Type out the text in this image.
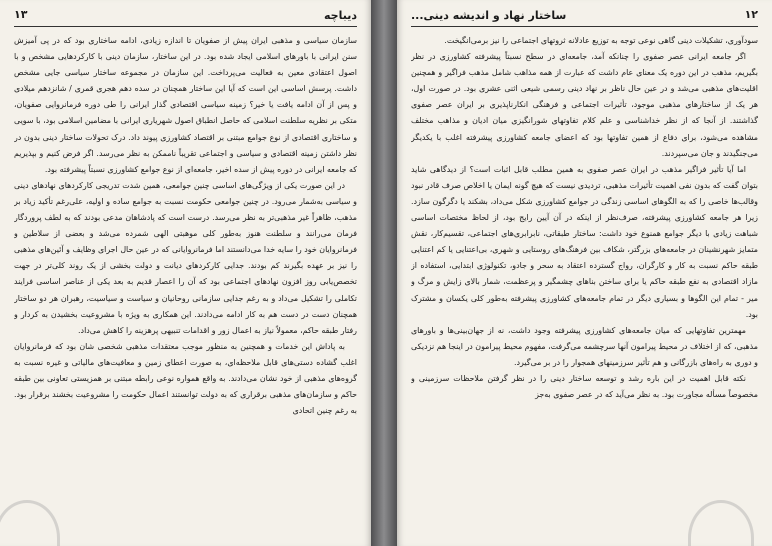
۱۳	دیباچه

سازمان سیاسی و مذهبی ایران پیش از صفویان تا اندازه زیادی، ادامه ساختاری بود که در پی آمیزش سنن ایرانی با باورهای اسلامی ایجاد شده بود. در این ساختار، سازمان دینی با کارکردهایی مشخص و با اصول اعتقادی معین به فعالیت می‌پرداخت. این سازمان در مجموعه ساختار سیاسی جایی مشخص داشت. پرسش اساسی این است که آیا این ساختار همچنان در سده دهم هجری قمری / شانزدهم میلادی و پس از آن ادامه یافت یا خیر؟ زمینه سیاسی اقتصادی گذار ایرانی را طی دوره فرمانروایی صفویان، متکی بر نظریه سلطنت اسلامی که حاصل انطباق اصول شهریاری ایرانی با مضامین اسلامی بود، با سویی و ساختاری اقتصادی از نوع جوامع مبتنی بر اقتصاد کشاورزی پیوند داد. درک تحولات ساختار دینی بدون در نظر داشتن زمینه اقتصادی و سیاسی و اجتماعی تقریباً ناممکن به نظر می‌رسد. اگر فرض کنیم و بپذیریم که جامعه ایرانی در دوره پیش از سده اخیر، جامعه‌ای از نوع جوامع کشاورزی نسبتاً پیشرفته بود.

در این صورت یکی از ویژگی‌های اساسی چنین جوامعی، همین شدت تدریجی کارکردهای نهادهای دینی و سیاسی به‌شمار می‌رود. در چنین جوامعی حکومت نسبت به جوامع ساده و اولیه، علی‌رغم تأکید زیاد بر مذهب، ظاهراً غیر مذهبی‌تر به نظر می‌رسد. درست است که پادشاهان مدعی بودند که به لطف پروردگار فرمان می‌رانند و سلطنت هنوز به‌طور کلی موهبتی الهی شمرده می‌شد و بعضی از سلاطین و فرمانروایان خود را سایه خدا می‌دانستند اما فرمانروایانی که در عین حال اجرای وظایف و آئین‌های مذهبی را نیز بر عهده بگیرند کم بودند. جدایی کارکردهای دیانت و دولت بخشی از یک روند کلی‌تر در جهت تخصص‌یابی روز افزون نهادهای اجتماعی بود که آن را اعصار قدیم به بعد یکی از عناصر اساسی فرایند تکاملی را تشکیل می‌داد و به رغم جدایی سازمانی روحانیان و سیاست و سیاسیت، رهبران هر دو ساختار همچنان دست در دست هم به کار ادامه می‌دادند. این همکاری به ویژه با مشروعیت بخشیدن به کردار و رفتار طبقه حاکم، معمولاً نیاز به اعمال زور و اقدامات تنبیهی پرهزینه را کاهش می‌داد.

به پاداش این خدمات و همچنین به منظور موجب معتقدات مذهبی شخصی شان بود که فرمانروایان اغلب گشاده دستی‌های قابل ملاحظه‌ای، به صورت اعطای زمین و معافیت‌های مالیاتی و غیره نسبت به گروه‌های مذهبی از خود نشان می‌دادند. به واقع همواره نوعی رابطه مبتنی بر همزیستی تعاونی بین طبقه حاکم و سازمان‌های مذهبی برقراری که به دولت توانستند اعمال حکومت را مشروعیت بخشند برقرار بود. به رغم چنین اتحادی

۱۲
ساختار نهاد و اندیشه دینی...

سودآوری، تشکیلات دینی گاهی نوعی توجه به توزیع عادلانه ثروتهای اجتماعی را نیز برمی‌انگیخت.

اگر جامعه ایرانی عصر صفوی را چنانکه آمد، جامعه‌ای در سطح نسبتاً پیشرفته کشاورزی در نظر بگیریم، مذهب در این دوره یک معنای عام داشت که عبارت از همه مذاهب شامل مذهب فراگیر و همچنین اقلیت‌های مذهبی می‌شد و در عین حال ناظر بر نهاد دینی رسمی شیعی اثنی عشری بود. در صورت اول، هر یک از ساختارهای مذهبی موجود، تأثیرات اجتماعی و فرهنگی انکارناپذیری بر ایران عصر صفوی گذاشتند. از آنجا که از نظر خداشناسی و علم کلام تفاوتهای شورانگیزی میان ادیان و مذاهب مختلف مشاهده می‌شود، برای دفاع از همین تفاوتها بود که اعضای جامعه کشاورزی پیشرفته اغلب با یکدیگر می‌جنگیدند و جان می‌سپردند.

اما آیا تأثیر فراگیر مذهب در ایران عصر صفوی به همین مطلب قابل اثبات است؟ از دیدگاهی شاید بتوان گفت که بدون نفی اهمیت تأثیرات مذهبی، تردیدی نیست که هیچ گونه ایمان یا اخلاص صرف قادر نبود وقالب‌ها خاصی را که به الگوهای اساسی زندگی در جوامع کشاورزی شکل می‌داد، بشکند یا دگرگون سازد. زیرا هر جامعه کشاورزی پیشرفته، صرف‌نظر از اینکه در آن آیین رایج بود، از لحاظ مختصات اساسی شباهت زیادی با دیگر جوامع همنوع خود داشت: ساختار طبقاتی، نابرابری‌های اجتماعی، تقسیم‌کار، نقش متمایز شهرنشینان در جامعه‌های بزرگتر، شکاف بین فرهنگ‌های روستایی و شهری، بی‌اعتنایی یا کم اعتنایی طبقه حاکم نسبت به کار و کارگران، رواج گسترده اعتقاد به سحر و جادو، تکنولوژی ابتدایی، استفاده از مازاد اقتصادی به نفع طبقه حاکم یا برای ساختن بناهای چشمگیر و پرعظمت، شمار بالای زایش و مرگ و میر - تمام این الگوها و بسیاری دیگر در تمام جامعه‌های کشاورزی پیشرفته به‌طور کلی یکسان و مشترک بود.

مهمترین تفاوتهایی که میان جامعه‌های کشاورزی پیشرفته وجود داشت، نه از جهان‌بینی‌ها و باورهای مذهبی، که از اختلاف در محیط پیرامون آنها سرچشمه می‌گرفت، مفهوم محیط پیرامون در اینجا هم نزدیکی و دوری به راه‌های بازرگانی و هم تأثیر سرزمینهای همجوار را در بر می‌گیرد.

نکته قابل اهمیت در این باره رشد و توسعه ساختار دینی را در نظر گرفتن ملاحظات سرزمینی و مخصوصاً مسأله مجاورت بود. به نظر می‌آید که در عصر صفوی به‌جز
